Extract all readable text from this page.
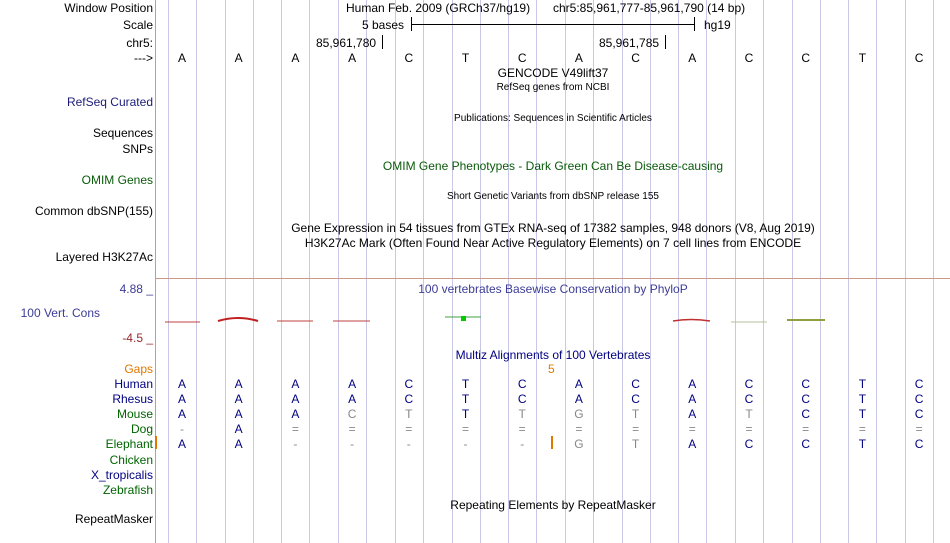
Window Position	Human Feb. 2009 (GRCh37/hg19) chr5:85,961,777-85,961,790 (14 bp)
Scale	5 bases	hg19
chr5:	85,961,780	85,961,785
---> A	A	A	A	C	T	C	A	C	A	C	C	T	C
GENCODE V49lift37
RefSeq genes from NCBI
RefSeq Curated
Publications: Sequences in Scientific Articles
Sequences
SNPs
OMIM Gene Phenotypes - Dark Green Can Be Disease-causing
OMIM Genes
Short Genetic Variants from dbSNP release 155
Common dbSNP(155)
Gene Expression in 54 tissues from GTEx RNA-seq of 17382 samples, 948 donors (V8, Aug 2019)
H3K27Ac Mark (Often Found Near Active Regulatory Elements) on 7 cell lines from ENCODE
Layered H3K27Ac
100 vertebrates Basewise Conservation by PhyloP
4.88 _
100 Vert. Cons
-4.5 _
Multiz Alignments of 100 Vertebrates
Gaps	5
Human A	A	A	A	C	T	C	A	C	A	C	C	T	C
Rhesus A	A	A	A	C	T	C	A	C	A	C	C	T	C
Mouse A	A	A	C	T	T	T	G	T	A	T	C	T	C
Dog -	A	=	=	=	=	=	=	=	=	=	=	=	=
Elephant A	A	-	-	-	-	-	G	T	A	C	C	T	C
Chicken
X_tropicalis
Zebrafish
Repeating Elements by RepeatMasker
RepeatMasker
